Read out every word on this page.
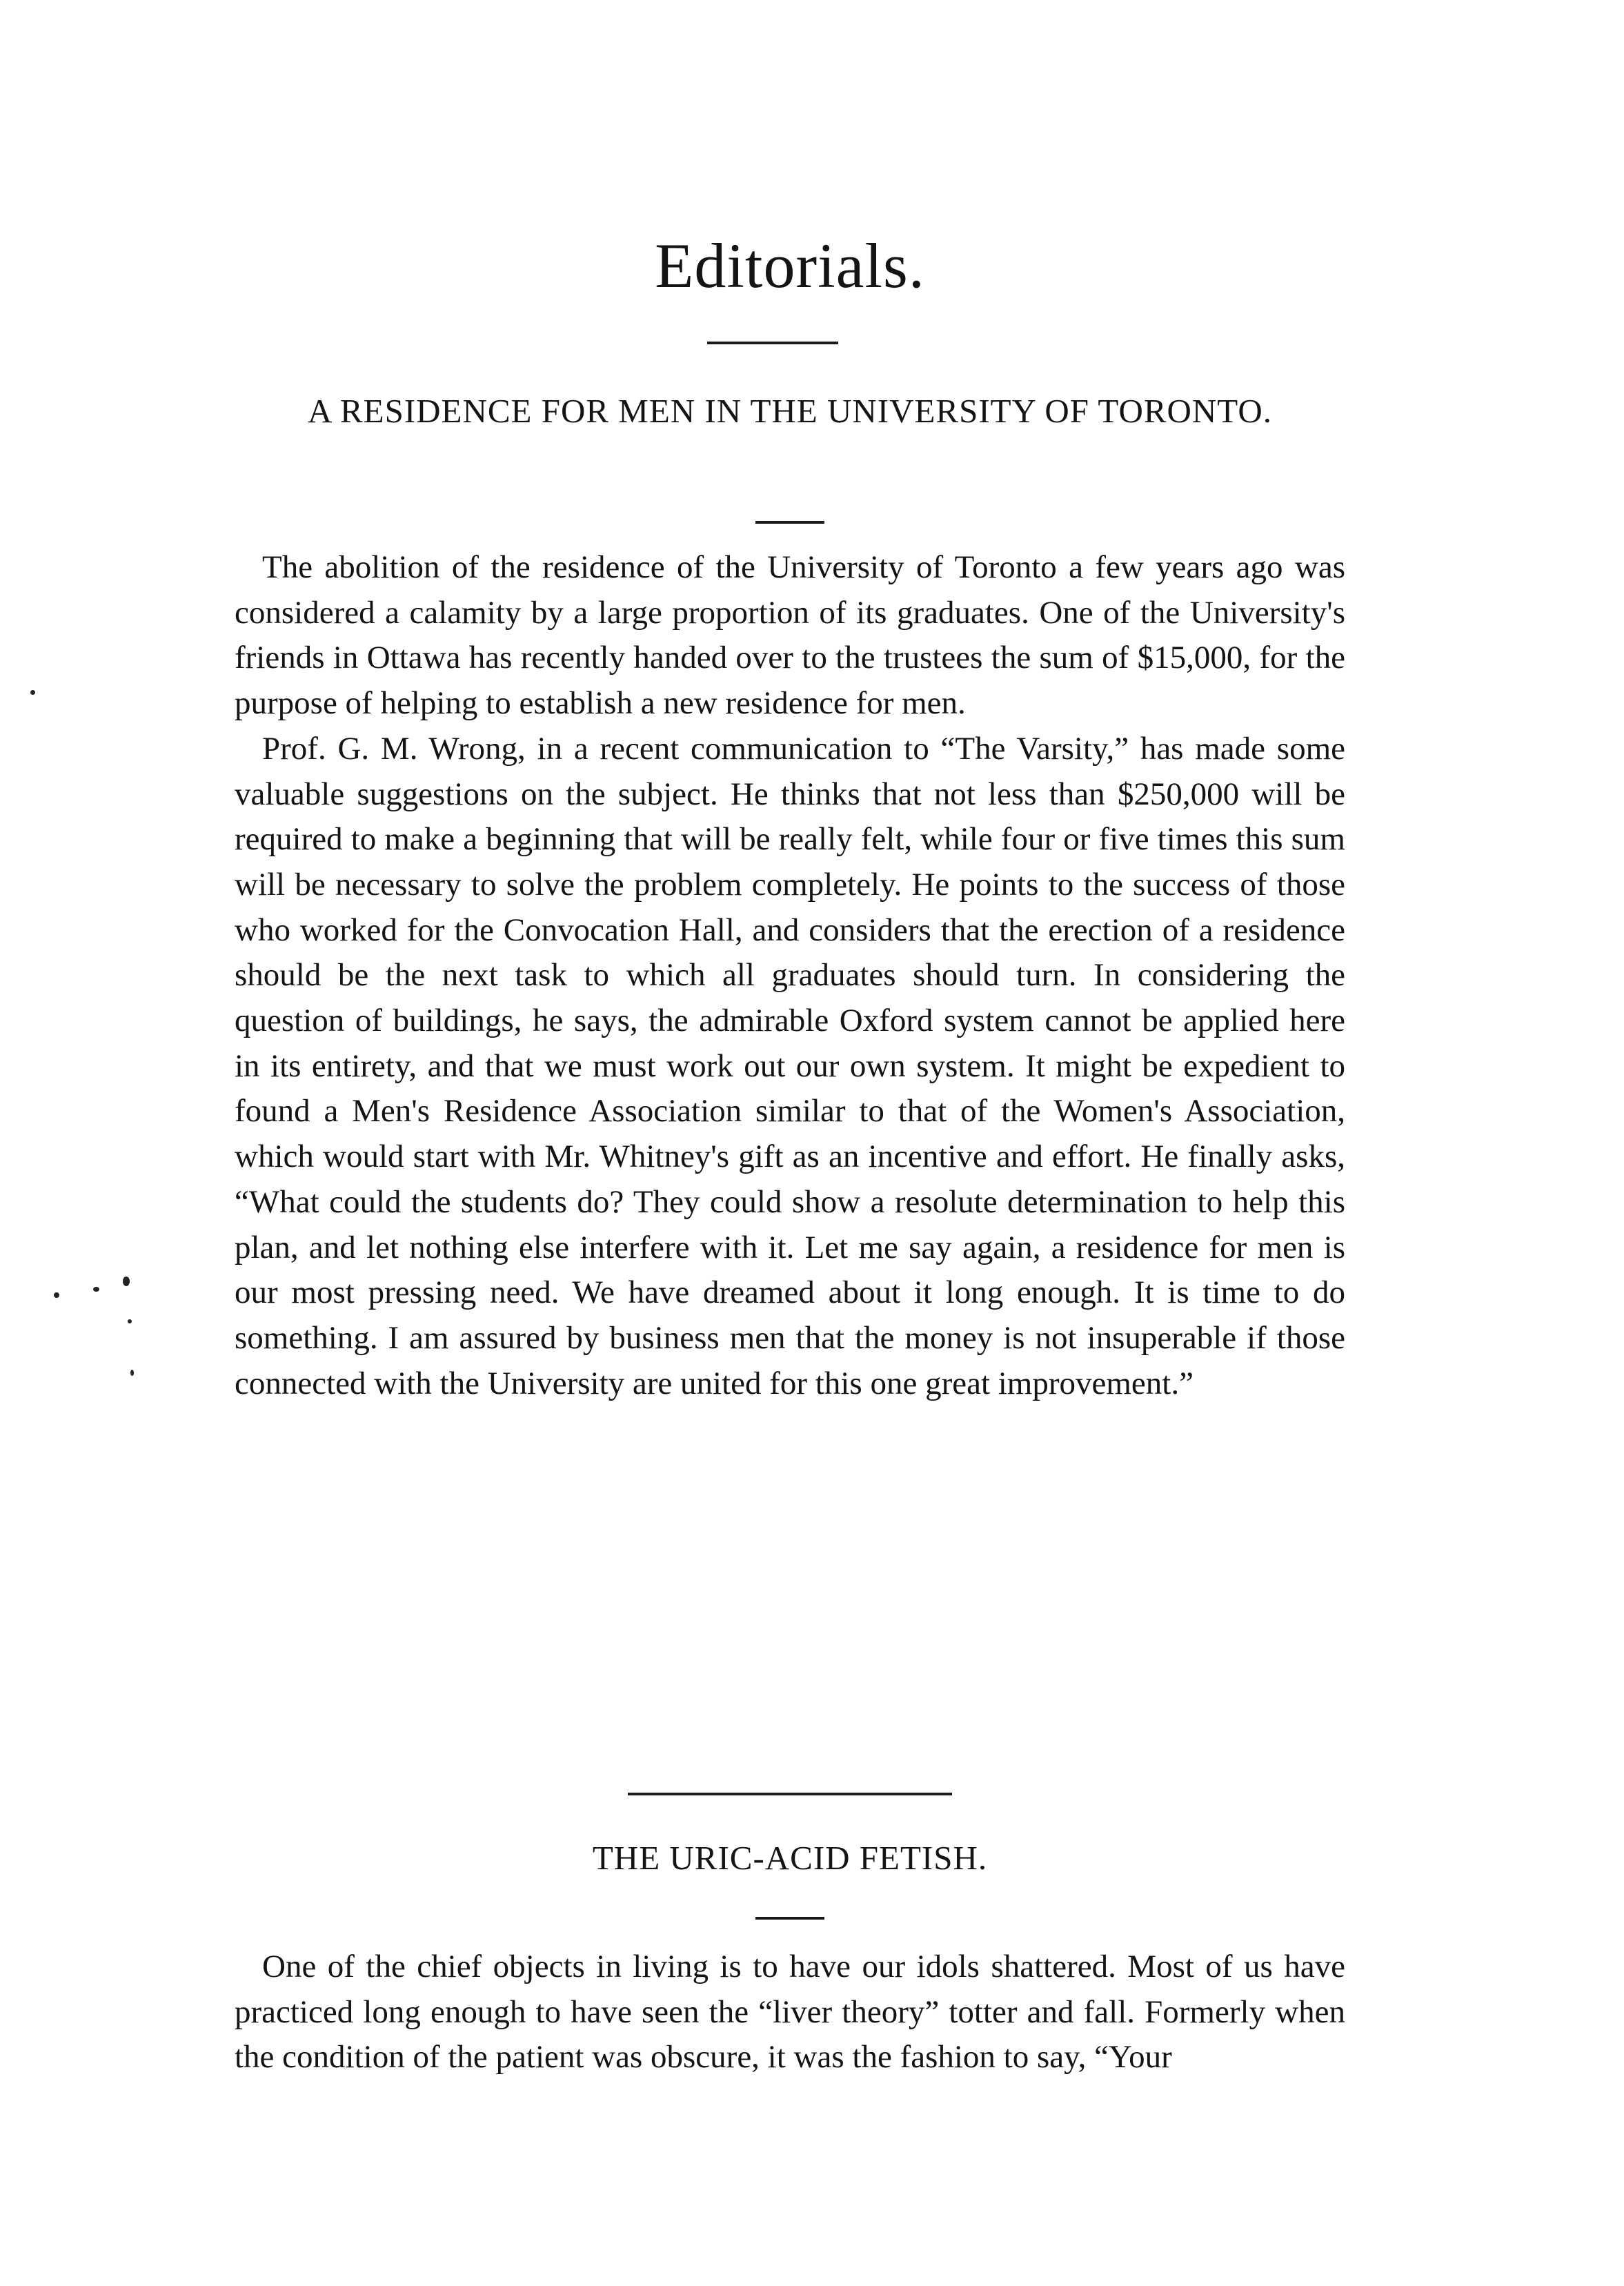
Editorials.
A RESIDENCE FOR MEN IN THE UNIVERSITY OF TORONTO.

The abolition of the residence of the University of Toronto a few years ago was considered a calamity by a large proportion of its graduates. One of the University's friends in Ottawa has recently handed over to the trustees the sum of $15,000, for the purpose of helping to establish a new residence for men.

Prof. G. M. Wrong, in a recent communication to “The Varsity,” has made some valuable suggestions on the subject. He thinks that not less than $250,000 will be required to make a beginning that will be really felt, while four or five times this sum will be necessary to solve the problem completely. He points to the success of those who worked for the Convocation Hall, and considers that the erection of a residence should be the next task to which all graduates should turn. In considering the question of buildings, he says, the admirable Oxford system cannot be applied here in its entirety, and that we must work out our own system. It might be expedient to found a Men's Residence Association similar to that of the Women's Association, which would start with Mr. Whitney's gift as an incentive and effort. He finally asks, “What could the students do? They could show a resolute determination to help this plan, and let nothing else interfere with it. Let me say again, a residence for men is our most pressing need. We have dreamed about it long enough. It is time to do something. I am assured by business men that the money is not insuperable if those connected with the University are united for this one great improvement.”

THE URIC-ACID FETISH.

One of the chief objects in living is to have our idols shattered. Most of us have practiced long enough to have seen the “liver theory” totter and fall. Formerly when the condition of the patient was obscure, it was the fashion to say, “Your
